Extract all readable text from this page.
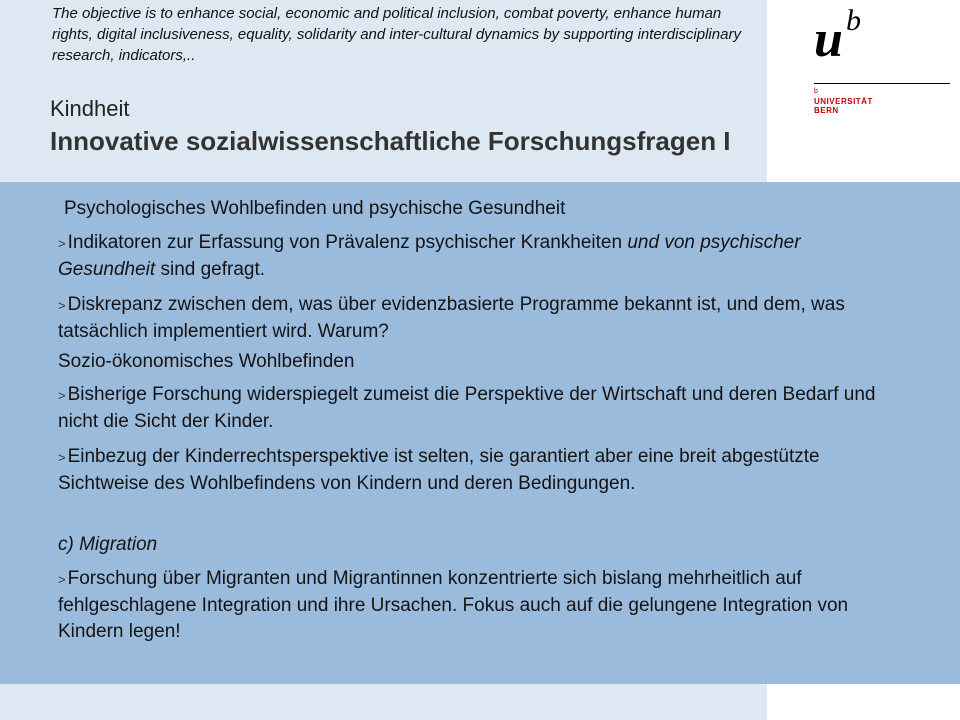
u b
b
UNIVERSITÄT
BERN
The objective is to enhance social, economic and political inclusion, combat poverty, enhance human rights, digital inclusiveness, equality, solidarity and inter-cultural dynamics by supporting interdisciplinary research, indicators,..
Kindheit
Innovative sozialwissenschaftliche Forschungsfragen I

Psychologisches Wohlbefinden und psychische Gesundheit

> Indikatoren zur Erfassung von Prävalenz psychischer Krankheiten und von psychischer Gesundheit sind gefragt.

> Diskrepanz zwischen dem, was über evidenzbasierte Programme bekannt ist, und dem, was tatsächlich implementiert wird. Warum?

Sozio-ökonomisches Wohlbefinden

> Bisherige Forschung widerspiegelt zumeist die Perspektive der Wirtschaft und deren Bedarf und nicht die Sicht der Kinder.

> Einbezug der Kinderrechtsperspektive ist selten, sie garantiert aber eine breit abgestützte Sichtweise des Wohlbefindens von Kindern und deren Bedingungen.

c) Migration

> Forschung über Migranten und Migrantinnen konzentrierte sich bislang mehrheitlich auf fehlgeschlagene Integration und ihre Ursachen. Fokus auch auf die gelungene Integration von Kindern legen!
